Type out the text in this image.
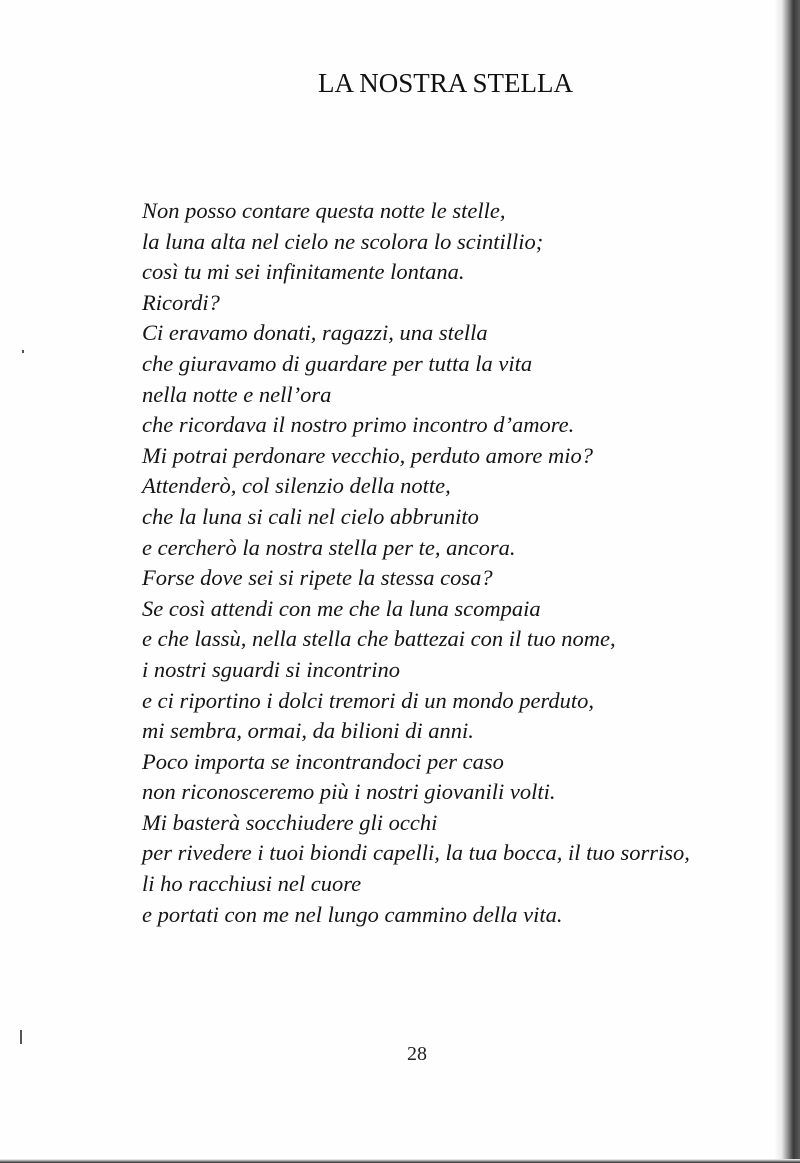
LA NOSTRA STELLA
Non posso contare questa notte le stelle,
la luna alta nel cielo ne scolora lo scintillio;
così tu mi sei infinitamente lontana.
Ricordi?
Ci eravamo donati, ragazzi, una stella
che giuravamo di guardare per tutta la vita
nella notte e nell’ora
che ricordava il nostro primo incontro d’amore.
Mi potrai perdonare vecchio, perduto amore mio?
Attenderò, col silenzio della notte,
che la luna si cali nel cielo abbrunito
e cercherò la nostra stella per te, ancora.
Forse dove sei si ripete la stessa cosa?
Se così attendi con me che la luna scompaia
e che lassù, nella stella che battezai con il tuo nome,
i nostri sguardi si incontrino
e ci riportino i dolci tremori di un mondo perduto,
mi sembra, ormai, da bilioni di anni.
Poco importa se incontrandoci per caso
non riconosceremo più i nostri giovanili volti.
Mi basterà socchiudere gli occhi
per rivedere i tuoi biondi capelli, la tua bocca, il tuo sorriso,
li ho racchiusi nel cuore
e portati con me nel lungo cammino della vita.
28
